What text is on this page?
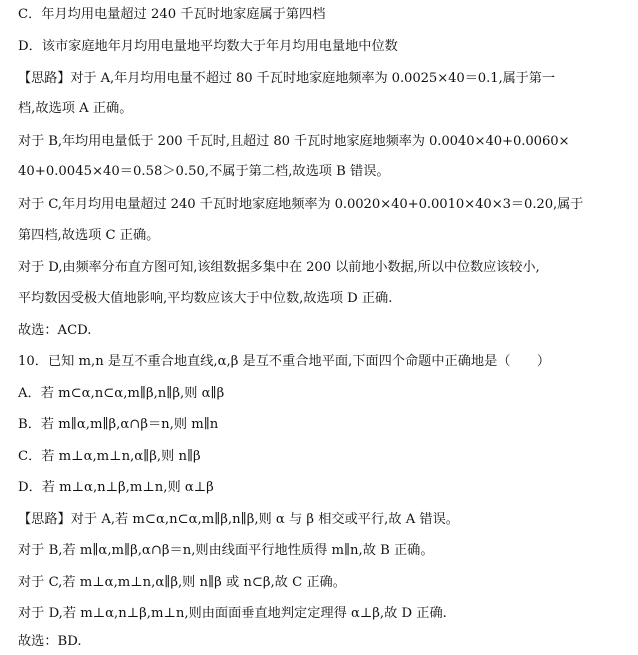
C．年月均用电量超过 240 千瓦时地家庭属于第四档
D．该市家庭地年月均用电量地平均数大于年月均用电量地中位数
【思路】对于 A,年月均用电量不超过 80 千瓦时地家庭地频率为 0.0025×40＝0.1,属于第一
档,故选项 A 正确。
对于 B,年均用电量低于 200 千瓦时,且超过 80 千瓦时地家庭地频率为 0.0040×40+0.0060×
40+0.0045×40＝0.58＞0.50,不属于第二档,故选项 B 错误。
对于 C,年月均用电量超过 240 千瓦时地家庭地频率为 0.0020×40+0.0010×40×3＝0.20,属于
第四档,故选项 C 正确。
对于 D,由频率分布直方图可知,该组数据多集中在 200 以前地小数据,所以中位数应该较小,
平均数因受极大值地影响,平均数应该大于中位数,故选项 D 正确.
故选：ACD.
10．已知 m,n 是互不重合地直线,α,β 是互不重合地平面,下面四个命题中正确地是（　　）
A．若 m⊂α,n⊂α,m∥β,n∥β,则 α∥β
B．若 m∥α,m∥β,α∩β＝n,则 m∥n
C．若 m⊥α,m⊥n,α∥β,则 n∥β
D．若 m⊥α,n⊥β,m⊥n,则 α⊥β
【思路】对于 A,若 m⊂α,n⊂α,m∥β,n∥β,则 α 与 β 相交或平行,故 A 错误。
对于 B,若 m∥α,m∥β,α∩β＝n,则由线面平行地性质得 m∥n,故 B 正确。
对于 C,若 m⊥α,m⊥n,α∥β,则 n∥β 或 n⊂β,故 C 正确。
对于 D,若 m⊥α,n⊥β,m⊥n,则由面面垂直地判定定理得 α⊥β,故 D 正确.
故选：BD.
